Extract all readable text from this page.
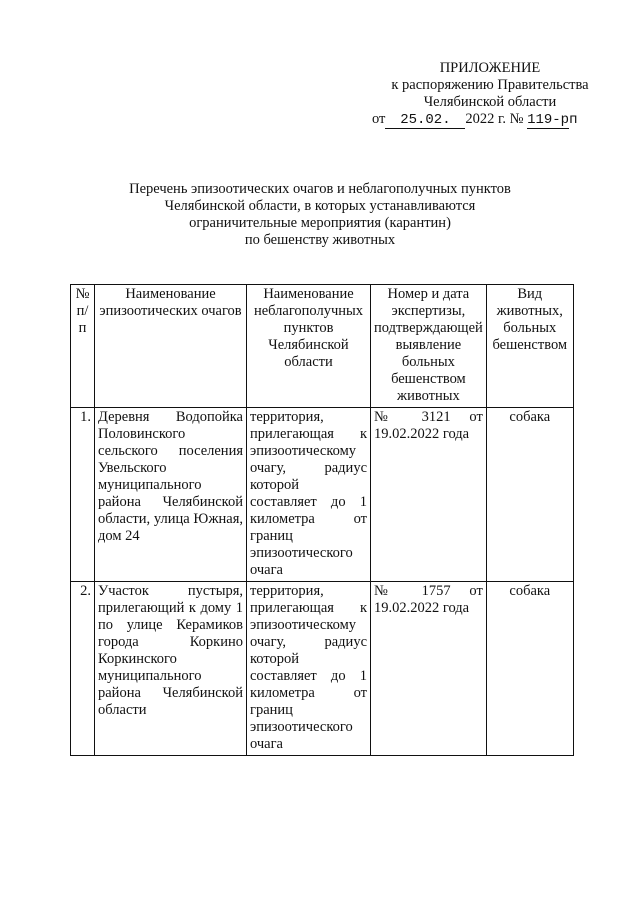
ПРИЛОЖЕНИЕ
к распоряжению Правительства
Челябинской области
от 25.02. 2022 г. № 119-рп
Перечень эпизоотических очагов и неблагополучных пунктов
Челябинской области, в которых устанавливаются
ограничительные мероприятия (карантин)
по бешенству животных
№ п/п	Наименование эпизоотических очагов	Наименование неблагополучных пунктов Челябинской области	Номер и дата экспертизы, подтверждающей выявление больных бешенством животных	Вид животных, больных бешенством
1.	Деревня Водопойка Половинского сельского поселения Увельского муниципального района Челябинской области, улица Южная, дом 24	территория, прилегающая к эпизоотическому очагу, радиус которой составляет до 1 километра от границ эпизоотического очага	№ 3121 от 19.02.2022 года	собака
2.	Участок пустыря, прилегающий к дому 1 по улице Керамиков города Коркино Коркинского муниципального района Челябинской области	территория, прилегающая к эпизоотическому очагу, радиус которой составляет до 1 километра от границ эпизоотического очага	№ 1757 от 19.02.2022 года	собака
